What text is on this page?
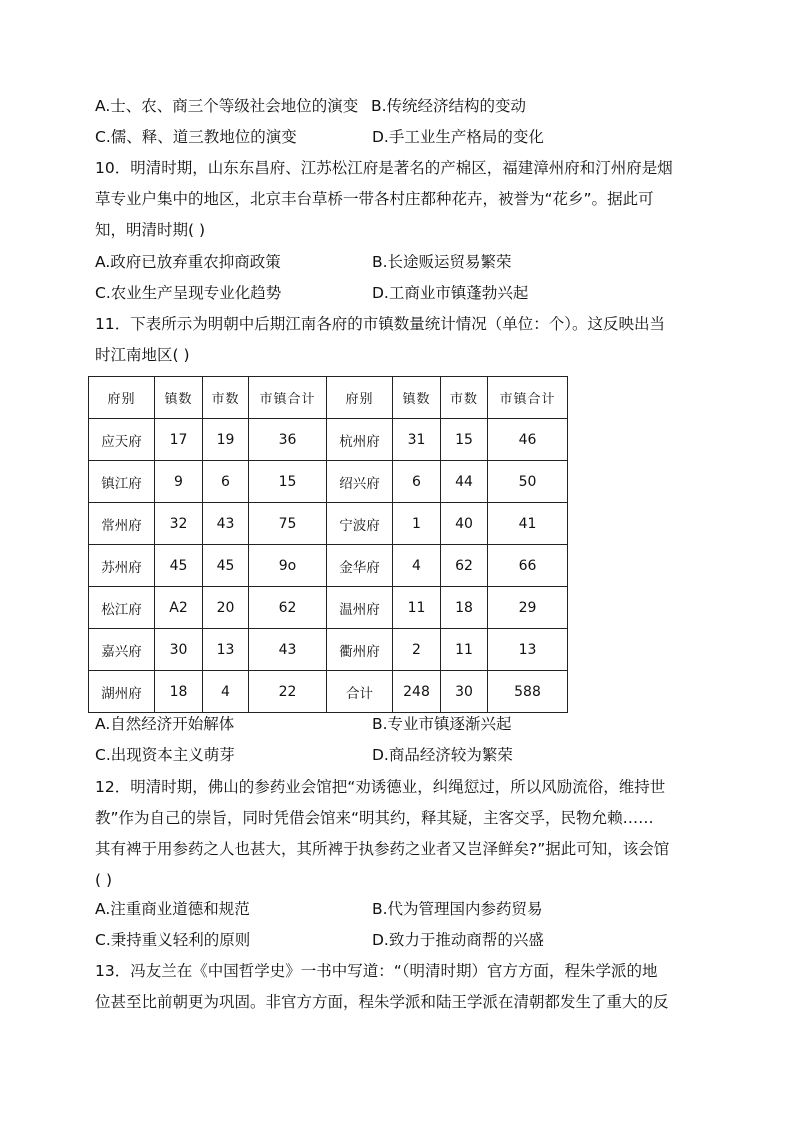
A.士、农、商三个等级社会地位的演变 B.传统经济结构的变动
C.儒、释、道三教地位的演变	D.手工业生产格局的变化
10．明清时期，山东东昌府、江苏松江府是著名的产棉区，福建漳州府和汀州府是烟
草专业户集中的地区，北京丰台草桥一带各村庄都种花卉，被誉为“花乡”。据此可
知，明清时期( )
A.政府已放弃重农抑商政策	B.长途贩运贸易繁荣
C.农业生产呈现专业化趋势	D.工商业市镇蓬勃兴起
11．下表所示为明朝中后期江南各府的市镇数量统计情况（单位：个）。这反映出当
时江南地区( )
府别	镇数	市数	市镇合计	府别	镇数	市数	市镇合计
应天府	17	19	36	杭州府	31	15	46
镇江府	9	6	15	绍兴府	6	44	50
常州府	32	43	75	宁波府	1	40	41
苏州府	45	45	9o	金华府	4	62	66
松江府	A2	20	62	温州府	11	18	29
嘉兴府	30	13	43	衢州府	2	11	13
湖州府	18	4	22	合计	248	30	588
A.自然经济开始解体	B.专业市镇逐渐兴起
C.出现资本主义萌芽	D.商品经济较为繁荣
12．明清时期，佛山的参药业会馆把“劝诱德业，纠绳愆过，所以风励流俗，维持世
教”作为自己的崇旨，同时凭借会馆来“明其约，释其疑，主客交孚，民物允赖……
其有裨于用参药之人也甚大，其所裨于执参药之业者又岂泽鲜矣?”据此可知，该会馆
( )
A.注重商业道德和规范	B.代为管理国内参药贸易
C.秉持重义轻利的原则	D.致力于推动商帮的兴盛
13．冯友兰在《中国哲学史》一书中写道：“（明清时期）官方方面，程朱学派的地
位甚至比前朝更为巩固。非官方方面，程朱学派和陆王学派在清朝都发生了重大的反
